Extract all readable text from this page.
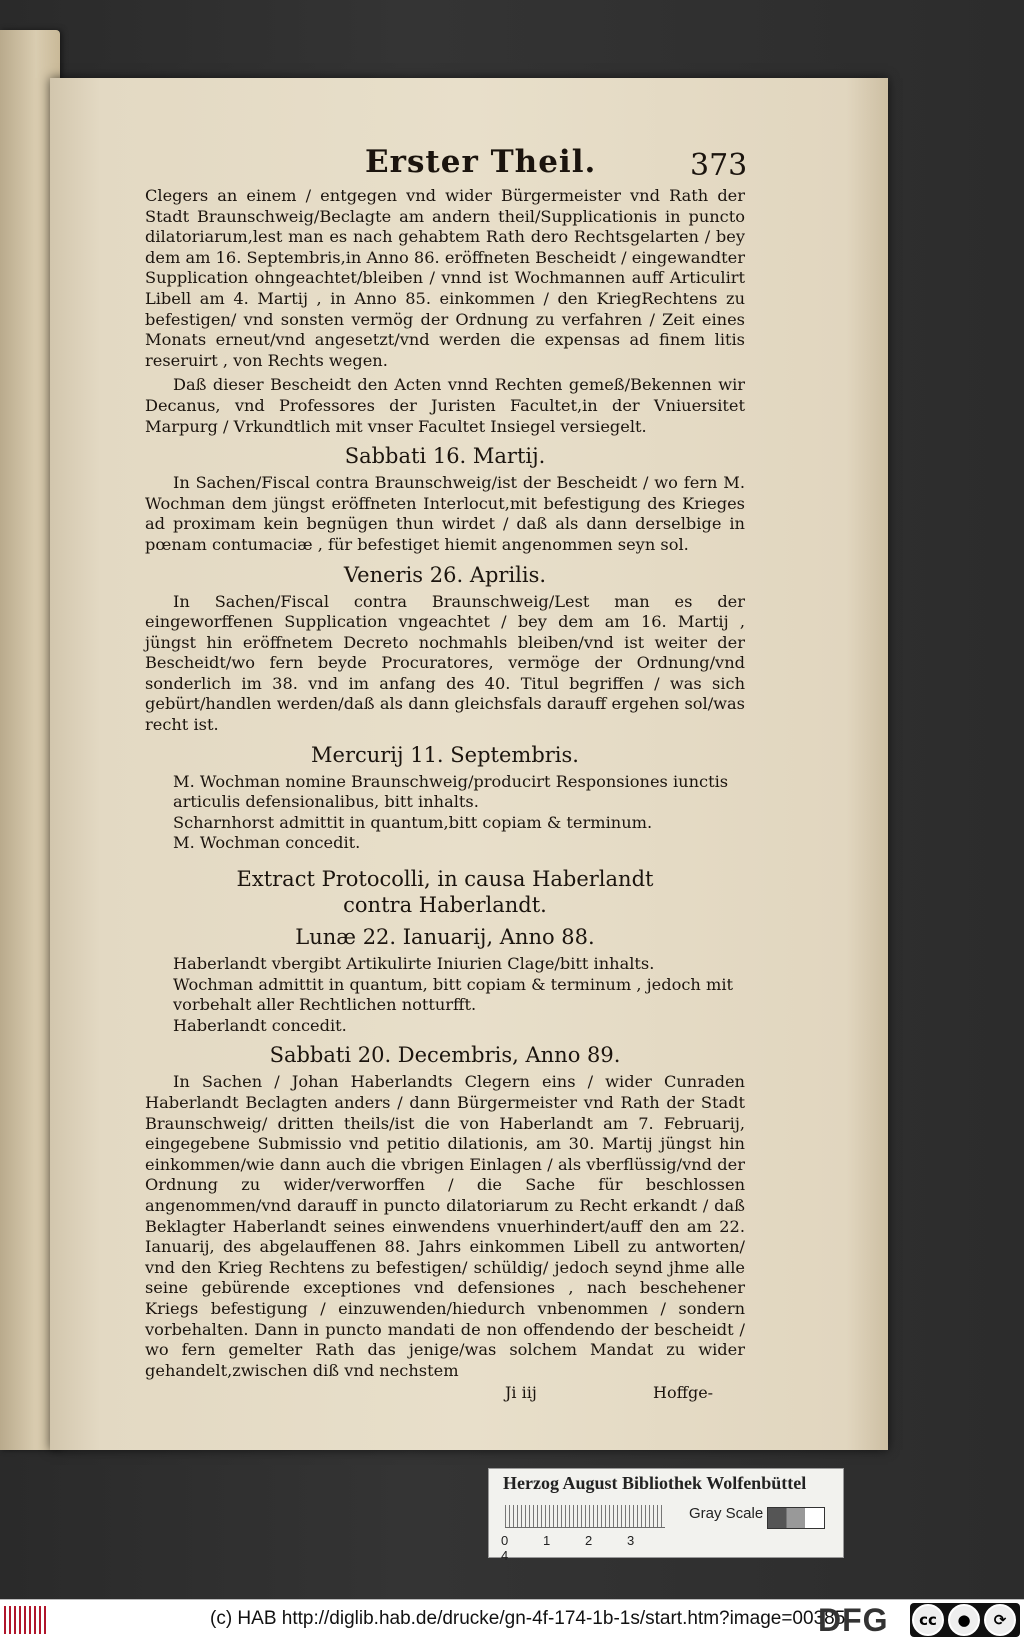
Erster Theil.	373

Clegers an einem / entgegen vnd wider Bürgermeister vnd Rath der Stadt Braunschweig/Beclagte am andern theil/Supplicationis in puncto dilatoriarum,lest man es nach gehabtem Rath dero Rechtsgelarten / bey dem am 16. Septembris,in Anno 86. eröffneten Bescheidt / eingewandter Supplication ohngeachtet/bleiben / vnnd ist Wochmannen auff Articulirt Libell am 4. Martij , in Anno 85. einkommen / den KriegRechtens zu befestigen/ vnd sonsten vermög der Ordnung zu verfahren / Zeit eines Monats erneut/vnd angesetzt/vnd werden die expensas ad finem litis reseruirt , von Rechts wegen.

Daß dieser Bescheidt den Acten vnnd Rechten gemeß/Bekennen wir Decanus, vnd Professores der Juristen Facultet,in der Vniuersitet Marpurg / Vrkundtlich mit vnser Facultet Insiegel versiegelt.

Sabbati 16. Martij.

In Sachen/Fiscal contra Braunschweig/ist der Bescheidt / wo fern M. Wochman dem jüngst eröffneten Interlocut,mit befestigung des Krieges ad proximam kein begnügen thun wirdet / daß als dann derselbige in pœnam contumaciæ , für befestiget hiemit angenommen seyn sol.

Veneris 26. Aprilis.

In Sachen/Fiscal contra Braunschweig/Lest man es der eingeworffenen Supplication vngeachtet / bey dem am 16. Martij , jüngst hin eröffnetem Decreto nochmahls bleiben/vnd ist weiter der Bescheidt/wo fern beyde Procuratores, vermöge der Ordnung/vnd sonderlich im 38. vnd im anfang des 40. Titul begriffen / was sich gebürt/handlen werden/daß als dann gleichsfals darauff ergehen sol/was recht ist.

Mercurij 11. Septembris.

M. Wochman nomine Braunschweig/producirt Responsiones iunctis articulis defensionalibus, bitt inhalts.

Scharnhorst admittit in quantum,bitt copiam & terminum.

M. Wochman concedit.

Extract Protocolli, in causa Haberlandt contra Haberlandt.
Lunæ 22. Ianuarij, Anno 88.

Haberlandt vbergibt Artikulirte Iniurien Clage/bitt inhalts.

Wochman admittit in quantum, bitt copiam & terminum , jedoch mit vorbehalt aller Rechtlichen notturfft.

Haberlandt concedit.

Sabbati 20. Decembris, Anno 89.

In Sachen / Johan Haberlandts Clegern eins / wider Cunraden Haberlandt Beclagten anders / dann Bürgermeister vnd Rath der Stadt Braunschweig/ dritten theils/ist die von Haberlandt am 7. Februarij, eingegebene Submissio vnd petitio dilationis, am 30. Martij jüngst hin einkommen/wie dann auch die vbrigen Einlagen / als vberflüssig/vnd der Ordnung zu wider/verworffen / die Sache für beschlossen angenommen/vnd darauff in puncto dilatoriarum zu Recht erkandt / daß Beklagter Haberlandt seines einwendens vnuerhindert/auff den am 22. Ianuarij, des abgelauffenen 88. Jahrs einkommen Libell zu antworten/ vnd den Krieg Rechtens zu befestigen/ schüldig/ jedoch seynd jhme alle seine gebürende exceptiones vnd defensiones , nach beschehener Kriegs befestigung / einzuwenden/hiedurch vnbenommen / sondern vorbehalten. Dann in puncto mandati de non offendendo der bescheidt / wo fern gemelter Rath das jenige/was solchem Mandat zu wider gehandelt,zwischen diß vnd nechstem

Ji iij	Hoffge-
Herzog August Bibliothek Wolfenbüttel
0	1	2	34
Gray Scale
(c) HAB http://diglib.hab.de/drucke/gn-4f-174-1b-1s/start.htm?image=00385
DFG	cc ● ⟳
